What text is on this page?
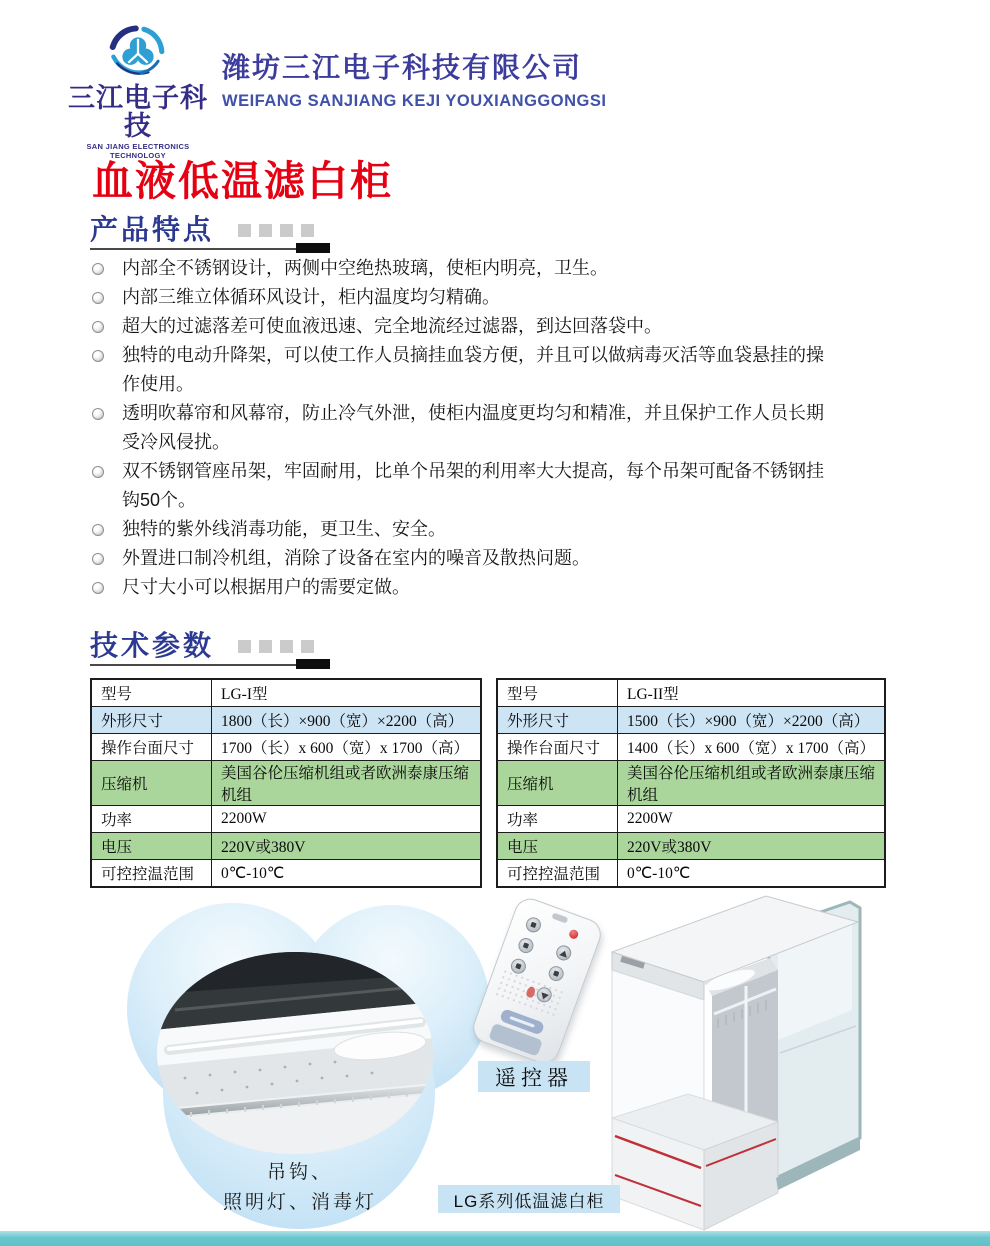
三江电子科技
SAN JIANG ELECTRONICS TECHNOLOGY
潍坊三江电子科技有限公司
WEIFANG SANJIANG KEJI YOUXIANGGONGSI
血液低温滤白柜
产品特点
内部全不锈钢设计，两侧中空绝热玻璃，使柜内明亮，卫生。
内部三维立体循环风设计，柜内温度均匀精确。
超大的过滤落差可使血液迅速、完全地流经过滤器，到达回落袋中。
独特的电动升降架，可以使工作人员摘挂血袋方便，并且可以做病毒灭活等血袋悬挂的操作使用。
透明吹幕帘和风幕帘，防止冷气外泄，使柜内温度更均匀和精准，并且保护工作人员长期受冷风侵扰。
双不锈钢管座吊架，牢固耐用，比单个吊架的利用率大大提高，每个吊架可配备不锈钢挂钩50个。
独特的紫外线消毒功能，更卫生、安全。
外置进口制冷机组，消除了设备在室内的噪音及散热问题。
尺寸大小可以根据用户的需要定做。
技术参数
型号	LG-I型
外形尺寸	1800（长）×900（宽）×2200（高）
操作台面尺寸	1700（长）x 600（宽）x 1700（高）
压缩机	美国谷伦压缩机组或者欧洲泰康压缩机组
功率	2200W
电压	220V或380V
可控控温范围	0℃-10℃
型号	LG-II型
外形尺寸	1500（长）×900（宽）×2200（高）
操作台面尺寸	1400（长）x 600（宽）x 1700（高）
压缩机	美国谷伦压缩机组或者欧洲泰康压缩机组
功率	2200W
电压	220V或380V
可控控温范围	0℃-10℃
吊钩、
照明灯、消毒灯
遥控器
LG系列低温滤白柜
